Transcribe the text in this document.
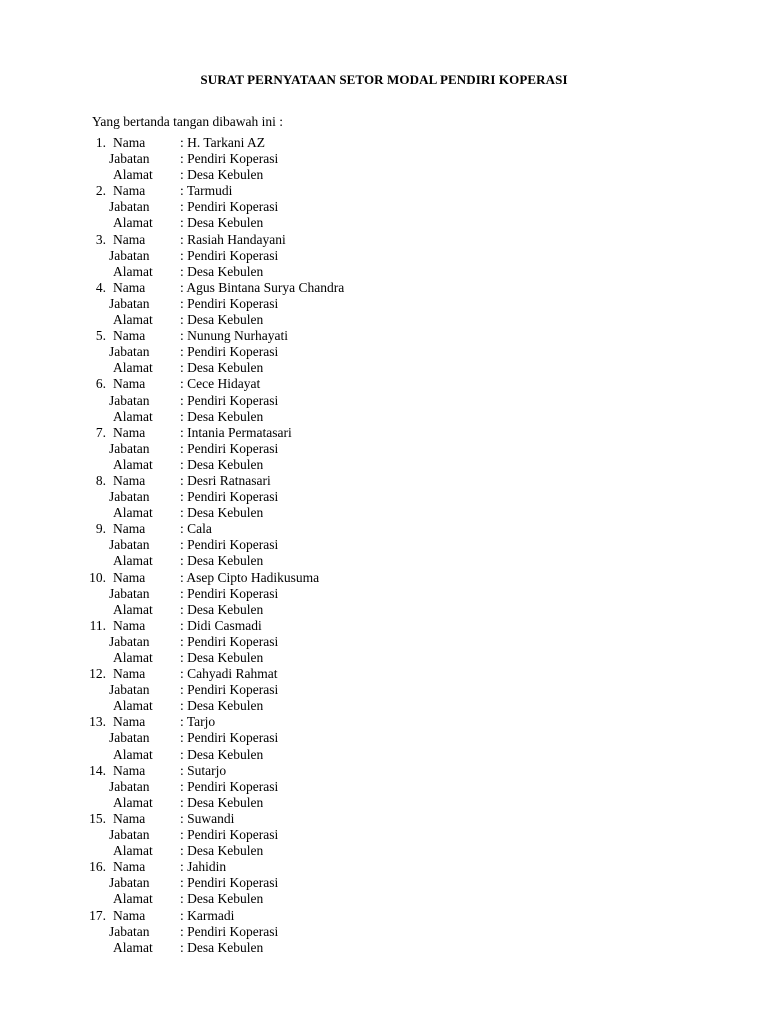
SURAT PERNYATAAN SETOR MODAL PENDIRI KOPERASI
Yang bertanda tangan dibawah ini :
1. Nama	: H. Tarkani AZ
Jabatan : Pendiri Koperasi
Alamat : Desa Kebulen
2. Nama	: Tarmudi
Jabatan : Pendiri Koperasi
Alamat : Desa Kebulen
3. Nama	: Rasiah Handayani
Jabatan : Pendiri Koperasi
Alamat : Desa Kebulen
4. Nama	: Agus Bintana Surya Chandra
Jabatan : Pendiri Koperasi
Alamat : Desa Kebulen
5. Nama	: Nunung Nurhayati
Jabatan : Pendiri Koperasi
Alamat : Desa Kebulen
6. Nama	: Cece Hidayat
Jabatan : Pendiri Koperasi
Alamat : Desa Kebulen
7. Nama	: Intania Permatasari
Jabatan : Pendiri Koperasi
Alamat : Desa Kebulen
8. Nama	: Desri Ratnasari
Jabatan : Pendiri Koperasi
Alamat : Desa Kebulen
9. Nama	: Cala
Jabatan : Pendiri Koperasi
Alamat : Desa Kebulen
10. Nama	: Asep Cipto Hadikusuma
Jabatan : Pendiri Koperasi
Alamat : Desa Kebulen
11. Nama	: Didi Casmadi
Jabatan : Pendiri Koperasi
Alamat : Desa Kebulen
12. Nama	: Cahyadi Rahmat
Jabatan : Pendiri Koperasi
Alamat : Desa Kebulen
13. Nama	: Tarjo
Jabatan : Pendiri Koperasi
Alamat : Desa Kebulen
14. Nama	: Sutarjo
Jabatan : Pendiri Koperasi
Alamat : Desa Kebulen
15. Nama	: Suwandi
Jabatan : Pendiri Koperasi
Alamat : Desa Kebulen
16. Nama	: Jahidin
Jabatan : Pendiri Koperasi
Alamat : Desa Kebulen
17. Nama	: Karmadi
Jabatan : Pendiri Koperasi
Alamat : Desa Kebulen
